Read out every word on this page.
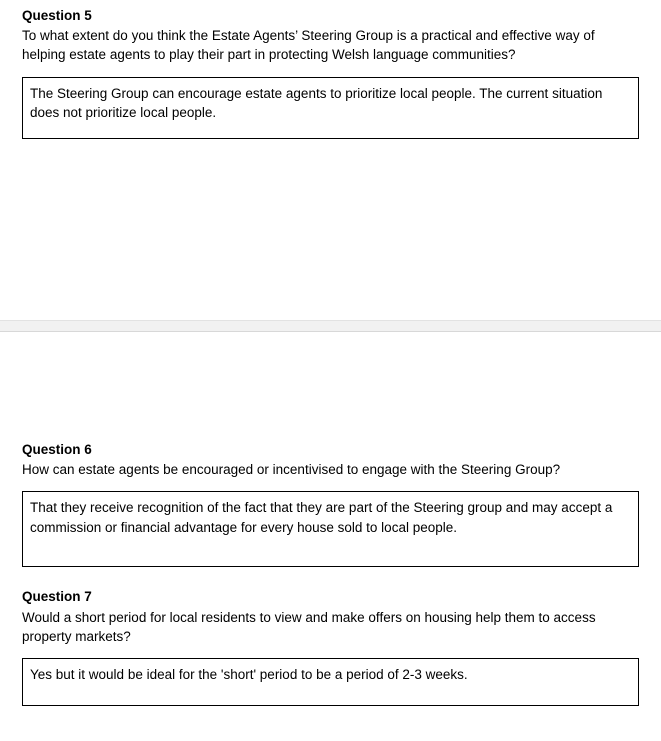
Question 5

To what extent do you think the Estate Agents’ Steering Group is a practical and effective way of helping estate agents to play their part in protecting Welsh language communities?

The Steering Group can encourage estate agents to prioritize local people. The current situation does not prioritize local people.
Question 6

How can estate agents be encouraged or incentivised to engage with the Steering Group?

That they receive recognition of the fact that they are part of the Steering group and may accept a commission or financial advantage for every house sold to local people.
Question 7

Would a short period for local residents to view and make offers on housing help them to access property markets?

Yes but it would be ideal for the 'short' period to be a period of 2-3 weeks.
